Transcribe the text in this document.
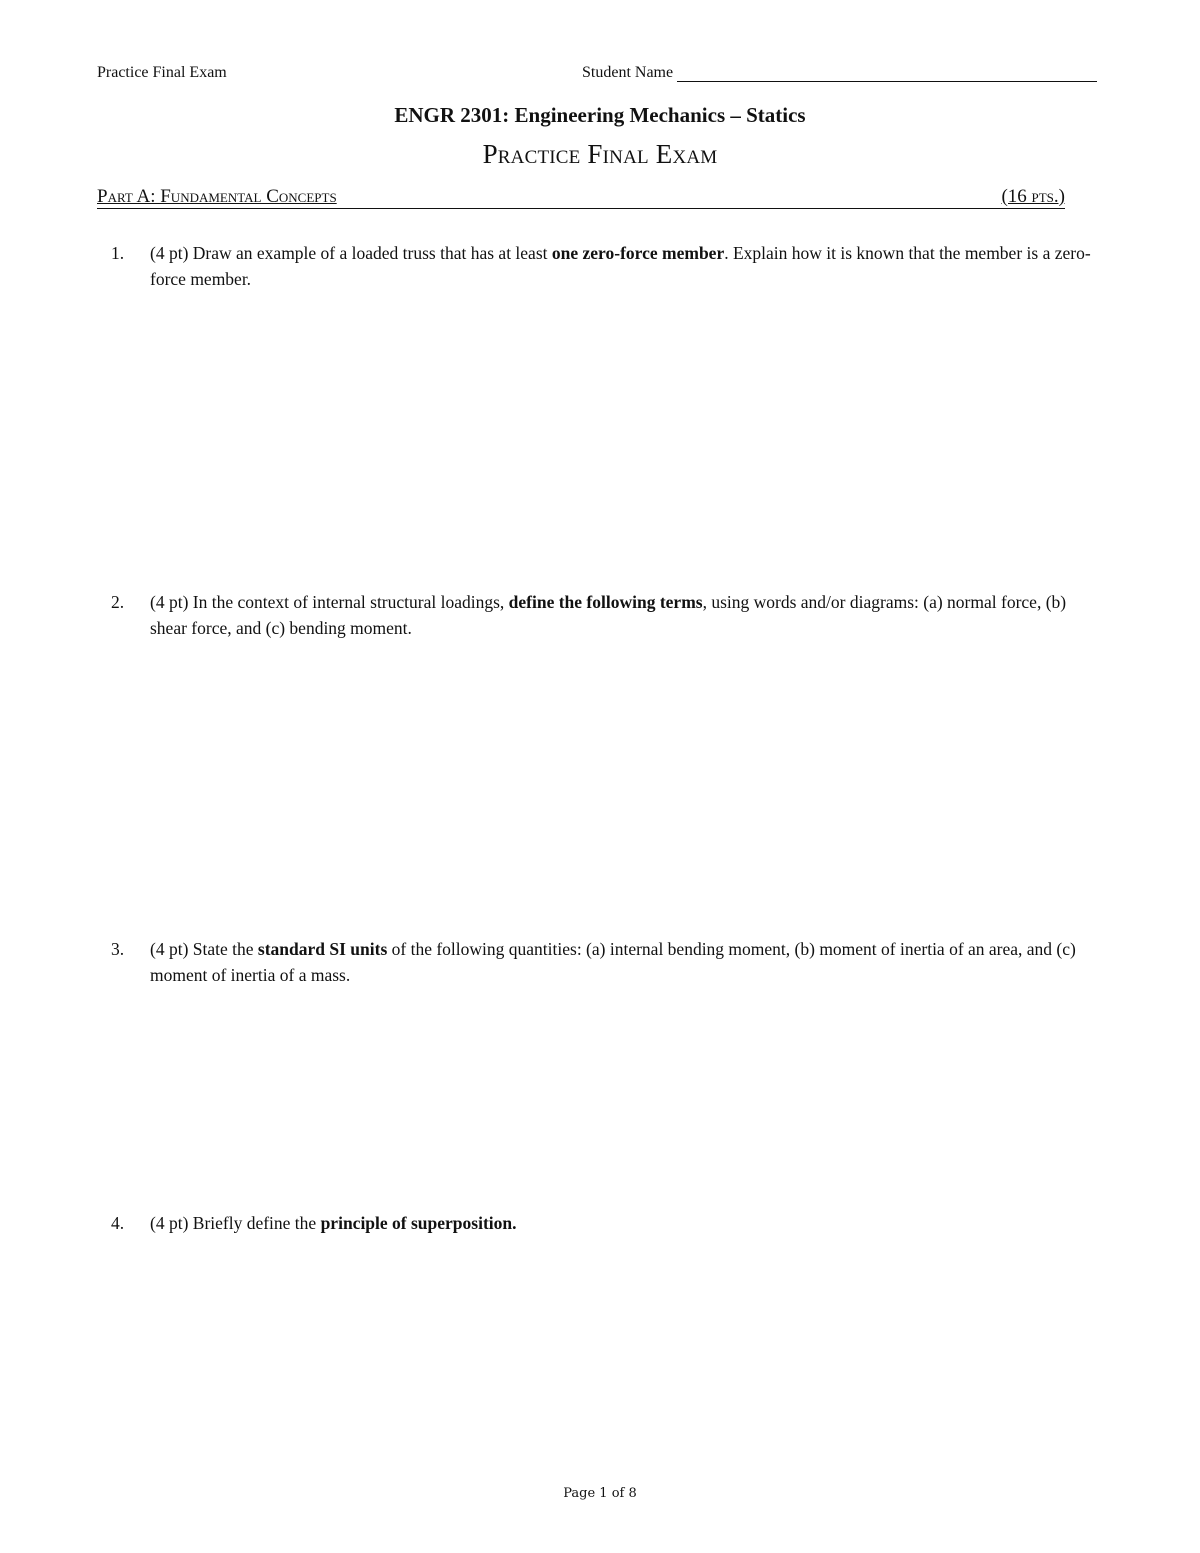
Practice Final Exam	Student Name
ENGR 2301: Engineering Mechanics – Statics
Practice Final Exam
Part A: Fundamental Concepts	(16 pts.)
1. (4 pt) Draw an example of a loaded truss that has at least one zero-force member. Explain how it is known that the member is a zero-force member.
2. (4 pt) In the context of internal structural loadings, define the following terms, using words and/or diagrams: (a) normal force, (b) shear force, and (c) bending moment.
3. (4 pt) State the standard SI units of the following quantities: (a) internal bending moment, (b) moment of inertia of an area, and (c) moment of inertia of a mass.
4. (4 pt) Briefly define the principle of superposition.
Page 1 of 8
